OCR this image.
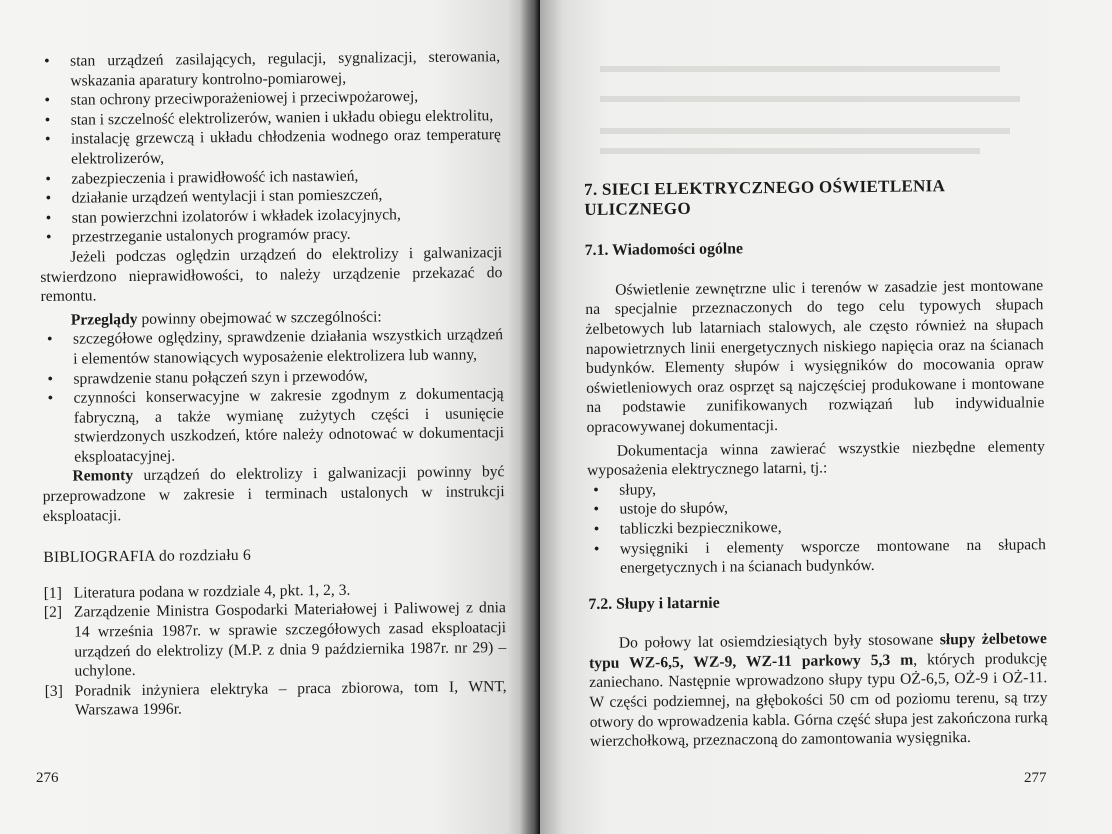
• stan urządzeń zasilających, regulacji, sygnalizacji, sterowania, wskazania aparatury kontrolno-pomiarowej,
• stan ochrony przeciwporażeniowej i przeciwpożarowej,
• stan i szczelność elektrolizerów, wanien i układu obiegu elektrolitu,
• instalację grzewczą i układu chłodzenia wodnego oraz temperaturę elektrolizerów,
• zabezpieczenia i prawidłowość ich nastawień,
• działanie urządzeń wentylacji i stan pomieszczeń,
• stan powierzchni izolatorów i wkładek izolacyjnych,
• przestrzeganie ustalonych programów pracy.

Jeżeli podczas oględzin urządzeń do elektrolizy i galwanizacji stwierdzono nieprawidłowości, to należy urządzenie przekazać do remontu.

Przeglądy powinny obejmować w szczególności:

• szczegółowe oględziny, sprawdzenie działania wszystkich urządzeń i elementów stanowiących wyposażenie elektrolizera lub wanny,
• sprawdzenie stanu połączeń szyn i przewodów,
• czynności konserwacyjne w zakresie zgodnym z dokumentacją fabryczną, a także wymianę zużytych części i usunięcie stwierdzonych uszkodzeń, które należy odnotować w dokumentacji eksploatacyjnej.

Remonty urządzeń do elektrolizy i galwanizacji powinny być przeprowadzone w zakresie i terminach ustalonych w instrukcji eksploatacji.

BIBLIOGRAFIA do rozdziału 6

[1] Literatura podana w rozdziale 4, pkt. 1, 2, 3.
[2] Zarządzenie Ministra Gospodarki Materiałowej i Paliwowej z dnia 14 września 1987r. w sprawie szczegółowych zasad eksploatacji urządzeń do elektrolizy (M.P. z dnia 9 października 1987r. nr 29) – uchylone.
[3] Poradnik inżyniera elektryka – praca zbiorowa, tom I, WNT, Warszawa 1996r.
276
7. SIECI ELEKTRYCZNEGO OŚWIETLENIA ULICZNEGO
7.1. Wiadomości ogólne

Oświetlenie zewnętrzne ulic i terenów w zasadzie jest montowane na specjalnie przeznaczonych do tego celu typowych słupach żelbetowych lub latarniach stalowych, ale często również na słupach napowietrznych linii energetycznych niskiego napięcia oraz na ścianach budynków. Elementy słupów i wysięgników do mocowania opraw oświetleniowych oraz osprzęt są najczęściej produkowane i montowane na podstawie zunifikowanych rozwiązań lub indywidualnie opracowywanej dokumentacji.

Dokumentacja winna zawierać wszystkie niezbędne elementy wyposażenia elektrycznego latarni, tj.:

• słupy,
• ustoje do słupów,
• tabliczki bezpiecznikowe,
• wysięgniki i elementy wsporcze montowane na słupach energetycznych i na ścianach budynków.
7.2. Słupy i latarnie

Do połowy lat osiemdziesiątych były stosowane słupy żelbetowe typu WZ-6,5, WZ-9, WZ-11 parkowy 5,3 m, których produkcję zaniechano. Następnie wprowadzono słupy typu OŻ-6,5, OŻ-9 i OŻ-11. W części podziemnej, na głębokości 50 cm od poziomu terenu, są trzy otwory do wprowadzenia kabla. Górna część słupa jest zakończona rurką wierzchołkową, przeznaczoną do zamontowania wysięgnika.

277
